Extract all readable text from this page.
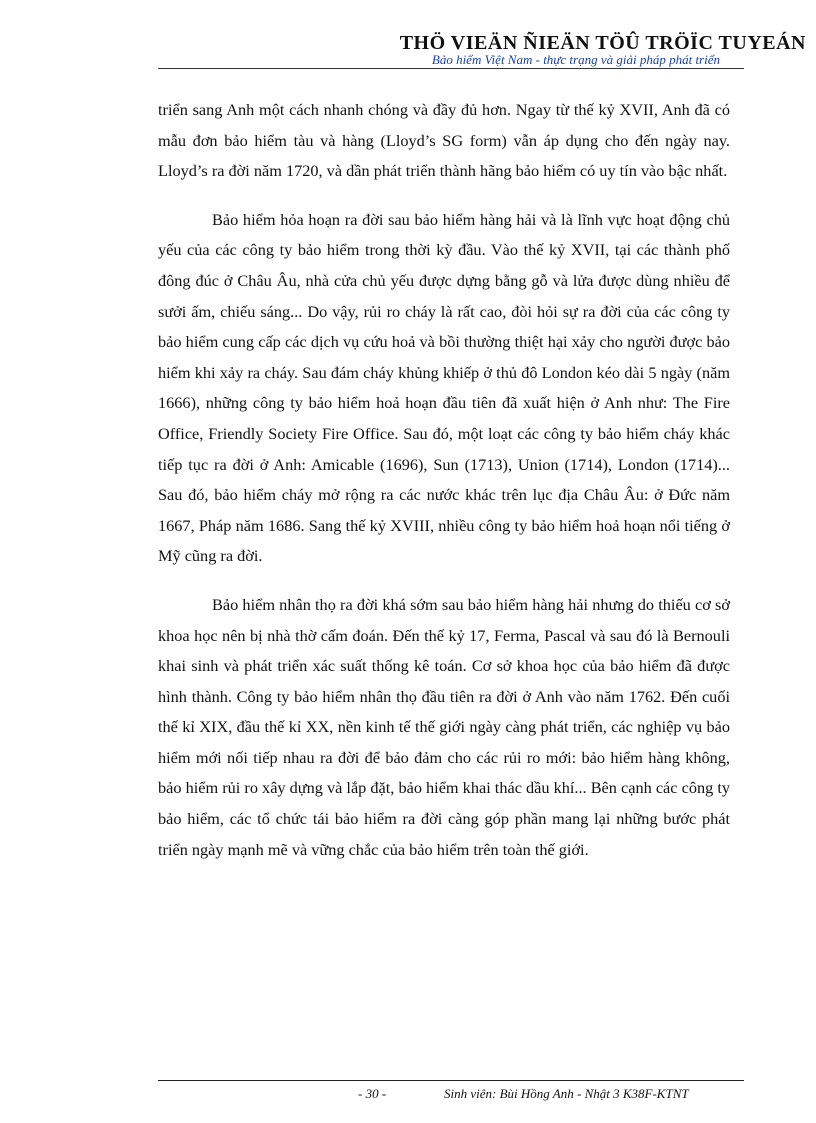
THÖ VIEÄN ÑIEÄN TÖÛ TRÖÏC TUYEÁN
Bảo hiểm Việt Nam - thực trạng và giải pháp phát triển

triển sang Anh một cách nhanh chóng và đầy đủ hơn. Ngay từ thế kỷ XVII, Anh đã có mẫu đơn bảo hiểm tàu và hàng (Lloyd’s SG form) vẫn áp dụng cho đến ngày nay. Lloyd’s ra đời năm 1720, và dần phát triển thành hãng bảo hiểm có uy tín vào bậc nhất.

Bảo hiểm hỏa hoạn ra đời sau bảo hiểm hàng hải và là lĩnh vực hoạt động chủ yếu của các công ty bảo hiểm trong thời kỳ đầu. Vào thế kỷ XVII, tại các thành phố đông đúc ở Châu Âu, nhà cửa chủ yếu được dựng bằng gỗ và lửa được dùng nhiều để sưởi ấm, chiếu sáng... Do vậy, rủi ro cháy là rất cao, đòi hỏi sự ra đời của các công ty bảo hiểm cung cấp các dịch vụ cứu hoả và bồi thường thiệt hại xảy cho người được bảo hiểm khi xảy ra cháy. Sau đám cháy khủng khiếp ở thủ đô London kéo dài 5 ngày (năm 1666), những công ty bảo hiểm hoả hoạn đầu tiên đã xuất hiện ở Anh như: The Fire Office, Friendly Society Fire Office. Sau đó, một loạt các công ty bảo hiểm cháy khác tiếp tục ra đời ở Anh: Amicable (1696), Sun (1713), Union (1714), London (1714)... Sau đó, bảo hiểm cháy mở rộng ra các nước khác trên lục địa Châu Âu: ở Đức năm 1667, Pháp năm 1686. Sang thế kỷ XVIII, nhiều công ty bảo hiểm hoả hoạn nổi tiếng ở Mỹ cũng ra đời.

Bảo hiểm nhân thọ ra đời khá sớm sau bảo hiểm hàng hải nhưng do thiếu cơ sở khoa học nên bị nhà thờ cấm đoán. Đến thế kỷ 17, Ferma, Pascal và sau đó là Bernouli khai sinh và phát triển xác suất thống kê toán. Cơ sở khoa học của bảo hiểm đã được hình thành. Công ty bảo hiểm nhân thọ đầu tiên ra đời ở Anh vào năm 1762. Đến cuối thế kỉ XIX, đầu thế kỉ XX, nền kinh tế thế giới ngày càng phát triển, các nghiệp vụ bảo hiểm mới nối tiếp nhau ra đời để bảo đảm cho các rủi ro mới: bảo hiểm hàng không, bảo hiểm rủi ro xây dựng và lắp đặt, bảo hiểm khai thác dầu khí... Bên cạnh các công ty bảo hiểm, các tổ chức tái bảo hiểm ra đời càng góp phần mang lại những bước phát triển ngày mạnh mẽ và vững chắc của bảo hiểm trên toàn thế giới.

- 30 -	Sinh viên: Bùi Hồng Anh - Nhật 3 K38F-KTNT
